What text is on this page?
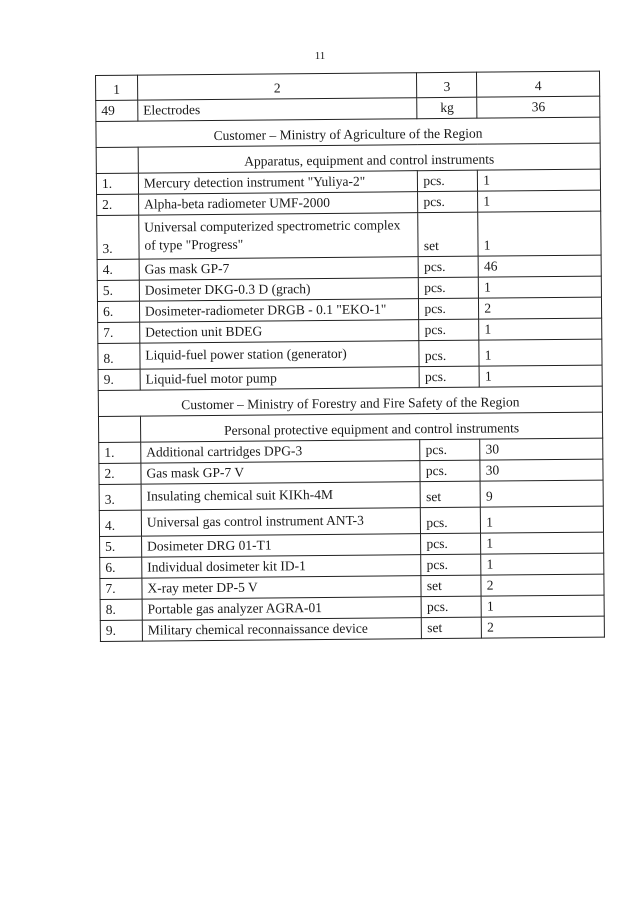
11
1	2	3	4
49	Electrodes	kg	36
Customer – Ministry of Agriculture of the Region			
	Apparatus, equipment and control instruments		
1.	Mercury detection instrument "Yuliya-2"	pcs.	1
2.	Alpha-beta radiometer UMF-2000	pcs.	1
3.	Universal computerized spectrometric complex of type "Progress"	set	1
4.	Gas mask GP-7	pcs.	46
5.	Dosimeter DKG-0.3 D (grach)	pcs.	1
6.	Dosimeter-radiometer DRGB - 0.1 "EKO-1"	pcs.	2
7.	Detection unit BDEG	pcs.	1
8.	Liquid-fuel power station (generator)	pcs.	1
9.	Liquid-fuel motor pump	pcs.	1
Customer – Ministry of Forestry and Fire Safety of the Region			
	Personal protective equipment and control instruments		
1.	Additional cartridges DPG-3	pcs.	30
2.	Gas mask GP-7 V	pcs.	30
3.	Insulating chemical suit KIKh-4M	set	9
4.	Universal gas control instrument ANT-3	pcs.	1
5.	Dosimeter DRG 01-T1	pcs.	1
6.	Individual dosimeter kit ID-1	pcs.	1
7.	X-ray meter DP-5 V	set	2
8.	Portable gas analyzer AGRA-01	pcs.	1
9.	Military chemical reconnaissance device	set	2
